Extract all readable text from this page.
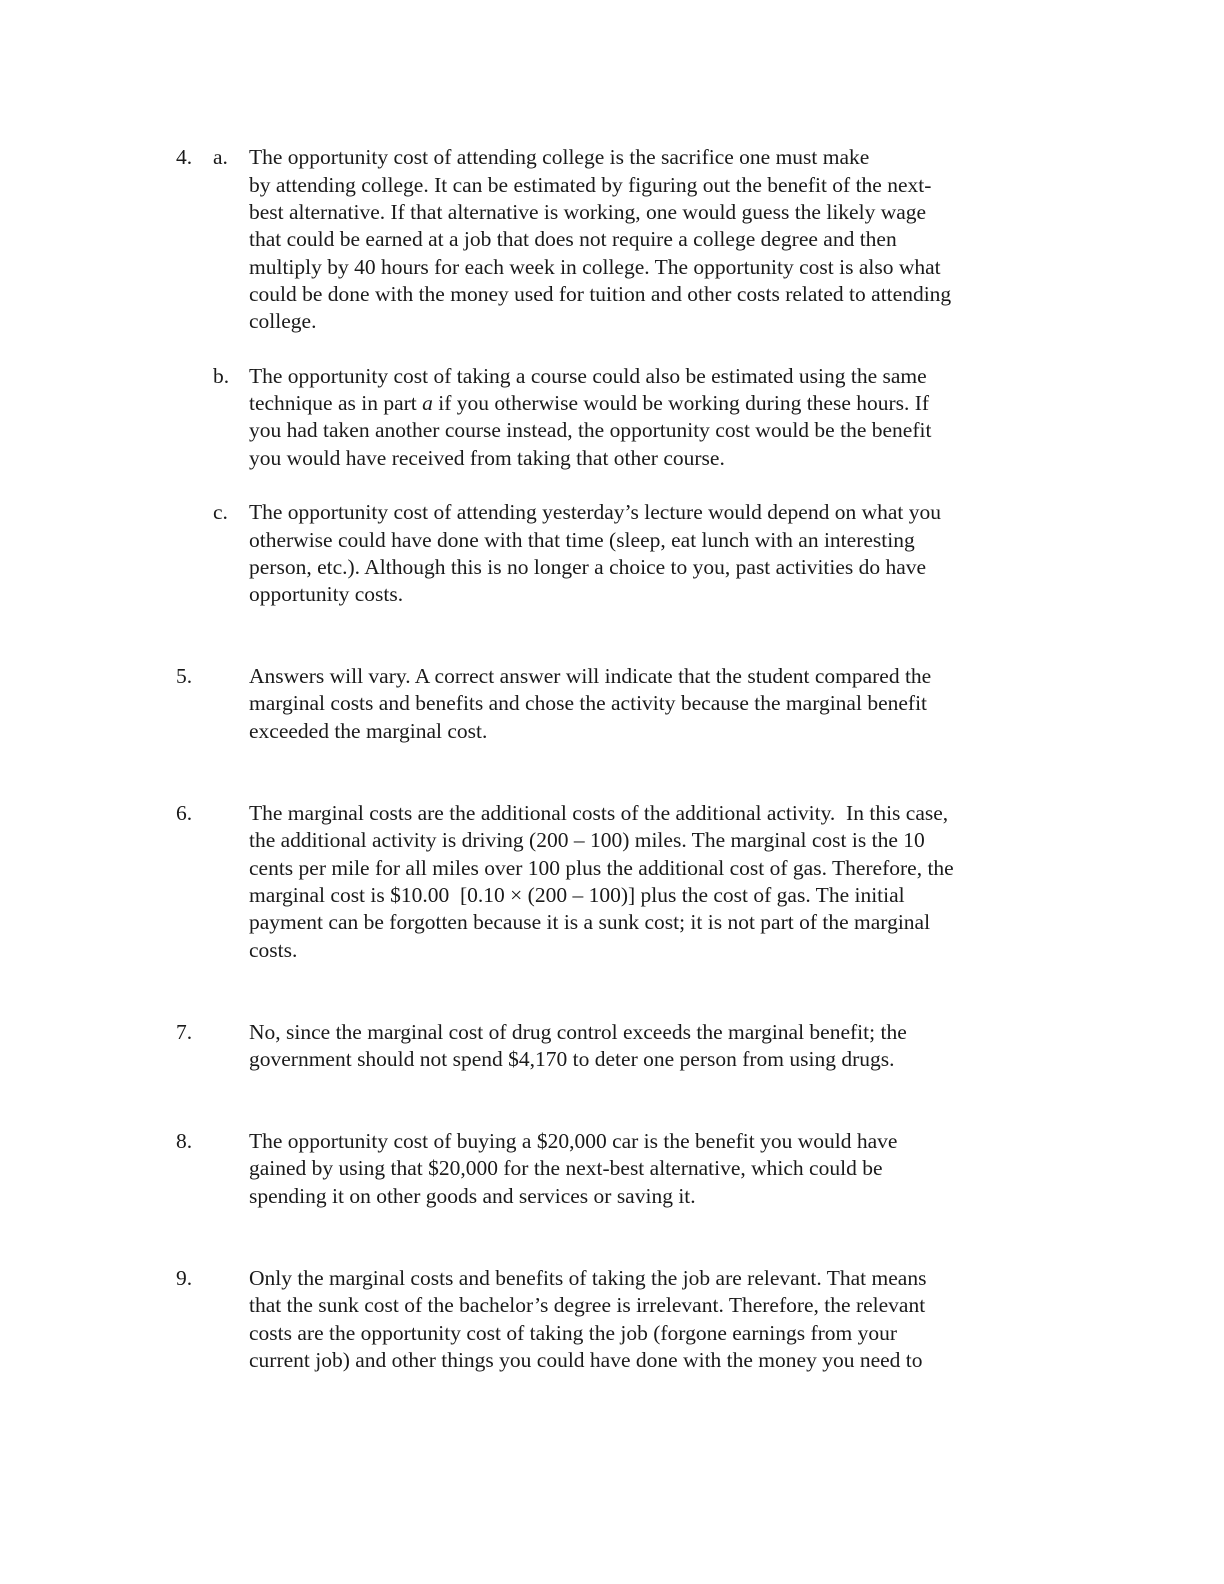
4. a. The opportunity cost of attending college is the sacrifice one must make
by attending college. It can be estimated by figuring out the benefit of the next-
best alternative. If that alternative is working, one would guess the likely wage
that could be earned at a job that does not require a college degree and then
multiply by 40 hours for each week in college. The opportunity cost is also what
could be done with the money used for tuition and other costs related to attending
college.
b. The opportunity cost of taking a course could also be estimated using the same
technique as in part a if you otherwise would be working during these hours. If
you had taken another course instead, the opportunity cost would be the benefit
you would have received from taking that other course.
c. The opportunity cost of attending yesterday’s lecture would depend on what you
otherwise could have done with that time (sleep, eat lunch with an interesting
person, etc.). Although this is no longer a choice to you, past activities do have
opportunity costs.
5.	Answers will vary. A correct answer will indicate that the student compared the
marginal costs and benefits and chose the activity because the marginal benefit
exceeded the marginal cost.
6.	The marginal costs are the additional costs of the additional activity.  In this case,
the additional activity is driving (200 – 100) miles. The marginal cost is the 10
cents per mile for all miles over 100 plus the additional cost of gas. Therefore, the
marginal cost is $10.00  [0.10 × (200 – 100)] plus the cost of gas. The initial
payment can be forgotten because it is a sunk cost; it is not part of the marginal
costs.
7.	No, since the marginal cost of drug control exceeds the marginal benefit; the
government should not spend $4,170 to deter one person from using drugs.
8.	The opportunity cost of buying a $20,000 car is the benefit you would have
gained by using that $20,000 for the next-best alternative, which could be
spending it on other goods and services or saving it.
9.	Only the marginal costs and benefits of taking the job are relevant. That means
that the sunk cost of the bachelor’s degree is irrelevant. Therefore, the relevant
costs are the opportunity cost of taking the job (forgone earnings from your
current job) and other things you could have done with the money you need to
